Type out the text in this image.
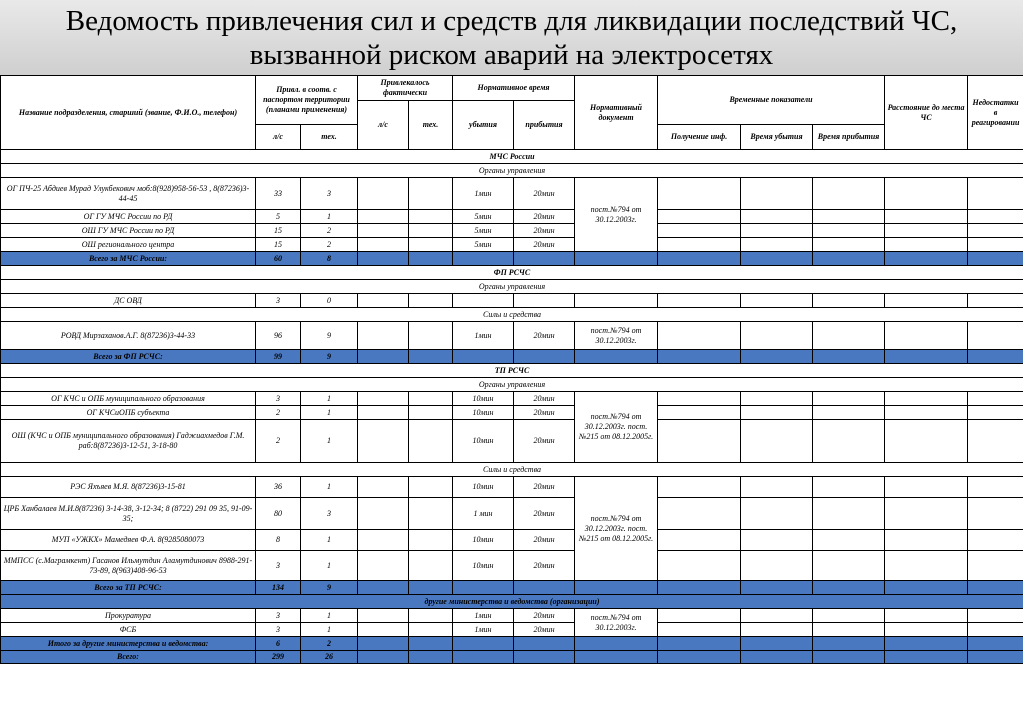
Ведомость привлечения сил и средств для ликвидации последствий ЧС,
вызванной риском аварий на электросетях
Название подразделения, старший (звание, Ф.И.О., телефон)	Привл. в соотв. с паспортом территории (планами применения)		Привлекалось фактически		Нормативное время		Нормативный документ	Временные показатели			Расстояние до места ЧС	Недостатки в реагировании
			л/с	тех.	убытия	прибытия						
	л/с	тех.						Получение инф.	Время убытия	Время прибытия		
МЧС России												
Органы управления												
ОГ ПЧ-25 Абдиев Мурад Улукбекович моб:8(928)958-56-53 , 8(87236)3-44-45	33	3			1мин	20мин	пост.№794 от 30.12.2003г.					
ОГ ГУ МЧС России по РД	5	1			5мин	20мин						
ОШ ГУ МЧС России по РД	15	2			5мин	20мин						
ОШ регионального центра	15	2			5мин	20мин						
Всего за МЧС России:	60	8										
ФП РСЧС												
Органы управления												
ДС ОВД	3	0										
Силы и средства												
РОВД Мирзаханов.А.Г. 8(87236)3-44-33	96	9			1мин	20мин	пост.№794 от 30.12.2003г.					
Всего за ФП РСЧС:	99	9										
ТП РСЧС												
Органы управления												
ОГ КЧС и ОПБ муниципального образования	3	1			10мин	20мин	пост.№794 от 30.12.2003г. пост.№215 от 08.12.2005г.					
ОГ КЧСиОПБ субъекта	2	1			10мин	20мин						
ОШ (КЧС и ОПБ муниципального образования) Гаджиахмедов Г.М. раб:8(87236)3-12-51, 3-18-80	2	1			10мин	20мин						
Силы и средства												
РЭС Яхъяев М.Я. 8(87236)3-15-81	36	1			10мин	20мин	пост.№794 от 30.12.2003г. пост.№215 от 08.12.2005г.					
ЦРБ Ханбалаев М.И.8(87236) 3-14-38, 3-12-34; 8 (8722) 291 09 35, 91-09-35;	80	3			1 мин	20мин						
МУП «УЖКХ» Мамедяев Ф.А. 8(9285080073	8	1			10мин	20мин						
ММПСС (с.Маграмкент) Гасанов Ильмутдин Аламутдинович 8988-291-73-89, 8(963)408-96-53	3	1			10мин	20мин						
Всего за ТП РСЧС:	134	9										
другие министерства и ведомства (организации)												
Прокуратура	3	1			1мин	20мин	пост.№794 от 30.12.2003г.					
ФСБ	3	1			1мин	20мин						
Итого за другие министерства и ведомства:	6	2										
Всего:	299	26										
